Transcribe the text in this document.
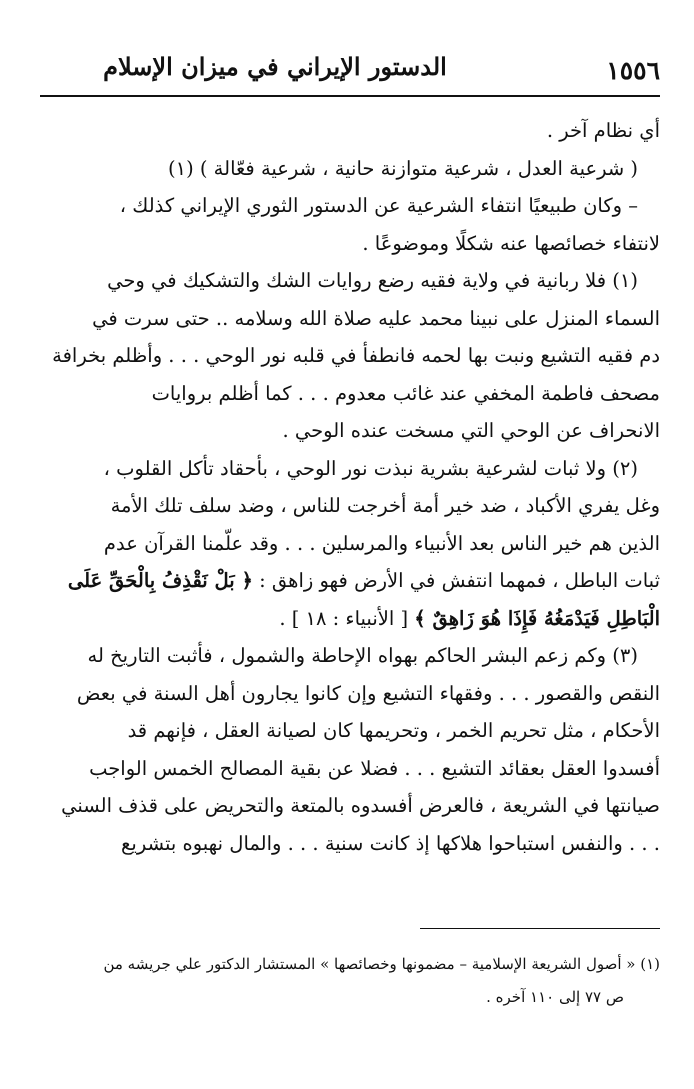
١٥٥٦
الدستور الإيراني في ميزان الإسلام

أي نظام آخر .

( شرعية العدل ، شرعية متوازنة حانية ، شرعية فعّالة ) (١)

– وكان طبيعيًا انتفاء الشرعية عن الدستور الثوري الإيراني كذلك ،

لانتفاء خصائصها عنه شكلًا وموضوعًا .

(١) فلا ربانية في ولاية فقيه رضع روايات الشك والتشكيك في وحي

السماء المنزل على نبينا محمد عليه صلاة الله وسلامه .. حتى سرت في

دم فقيه التشيع ونبت بها لحمه فانطفأ في قلبه نور الوحي . . . وأظلم بخرافة

مصحف فاطمة المخفي عند غائب معدوم . . . كما أظلم بروايات

الانحراف عن الوحي التي مسخت عنده الوحي .

(٢) ولا ثبات لشرعية بشرية نبذت نور الوحي ، بأحقاد تأكل القلوب ،

وغل يفري الأكباد ، ضد خير أمة أخرجت للناس ، وضد سلف تلك الأمة

الذين هم خير الناس بعد الأنبياء والمرسلين . . . وقد علّمنا القرآن عدم

ثبات الباطل ، فمهما انتفش في الأرض فهو زاهق : ﴿ بَلْ نَقْذِفُ بِالْحَقِّ عَلَى

الْبَاطِلِ فَيَدْمَغُهُ فَإِذَا هُوَ زَاهِقٌ ﴾ [ الأنبياء : ١٨ ] .

(٣) وكم زعم البشر الحاكم بهواه الإحاطة والشمول ، فأثبت التاريخ له

النقص والقصور . . . وفقهاء التشيع وإن كانوا يجارون أهل السنة في بعض

الأحكام ، مثل تحريم الخمر ، وتحريمها كان لصيانة العقل ، فإنهم قد

أفسدوا العقل بعقائد التشيع . . . فضلا عن بقية المصالح الخمس الواجب

صيانتها في الشريعة ، فالعرض أفسدوه بالمتعة والتحريض على قذف السني

. . . والنفس استباحوا هلاكها إذ كانت سنية . . . والمال نهبوه بتشريع

(١) « أصول الشريعة الإسلامية – مضمونها وخصائصها » المستشار الدكتور علي جريشه من

ص ٧٧ إلى ١١٠ آخره .
